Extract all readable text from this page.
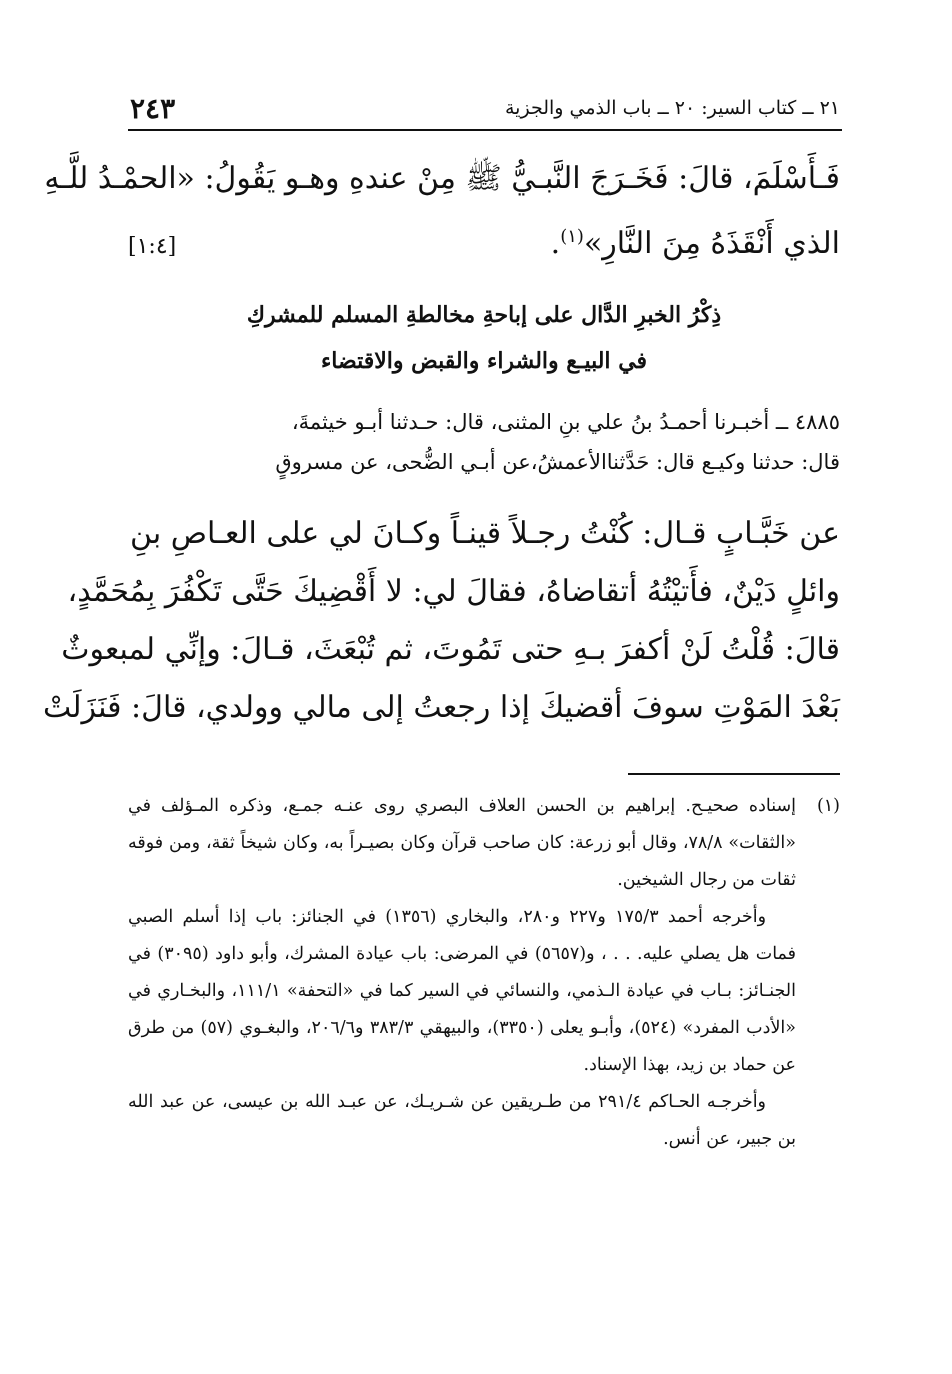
٢١ ــ كتاب السير: ٢٠ ــ باب الذمي والجزية
٢٤٣
فَـأَسْلَمَ، قالَ: فَخَـرَجَ النَّبـيُّ ﷺ مِنْ عندهِ وهـو يَقُولُ: «الحمْـدُ للَّـهِ
الذي أَنْقَذَهُ مِنَ النَّارِ»$^{(١)}$.
[١:٤]
ذِكْرُ الخبرِ الدَّال على إباحةِ مخالطةِ المسلم للمشركِ
في البيـع والشراء والقبض والاقتضاء
٤٨٨٥ ــ أخبـرنا أحمـدُ بنُ علي بنِ المثنى، قال: حـدثنا أبـو خيثمةَ،
قال: حدثنا وكيـع قال: حَدَّثناالأعمشُ،عن أبـي الضُّحى، عن مسروقٍ
عن خَبَّـابٍ قـال: كُنْتُ رجـلاً قينـاً وكـانَ لي على العـاصِ بنِ
وائلٍ دَيْنٌ، فأَتيْتُهُ أتقاضاهُ، فقالَ لي: لا أَقْضِيكَ حَتَّى تَكْفُرَ بِمُحَمَّدٍ،
قالَ: قُلْتُ لَنْ أكفرَ بـهِ حتى تَمُوتَ، ثم تُبْعَثَ، قـالَ: وإنِّي لمبعوثٌ
بَعْدَ المَوْتِ سوفَ أقضيكَ إذا رجعتُ إلى مالي وولدي، قالَ: فَنَزَلَتْ
(١)

إسناده صحيـح. إبراهيم بن الحسن العلاف البصري روى عنـه جمـع، وذكره المـؤلف في «الثقات» ٧٨/٨، وقال أبو زرعة: كان صاحب قرآن وكان بصيـراً به، وكان شيخاً ثقة، ومن فوقه ثقات من رجال الشيخين.

وأخرجه أحمد ١٧٥/٣ و٢٢٧ و٢٨٠، والبخاري (١٣٥٦) في الجنائز: باب إذا أسلم الصبي فمات هل يصلي عليه. . . ، و(٥٦٥٧) في المرضى: باب عيادة المشرك، وأبو داود (٣٠٩٥) في الجنـائز: بـاب في عيادة الـذمي، والنسائي في السير كما في «التحفة» ١١١/١، والبخـاري في «الأدب المفرد» (٥٢٤)، وأبـو يعلى (٣٣٥٠)، والبيهقي ٣٨٣/٣ و٢٠٦/٦، والبغـوي (٥٧) من طرق عن حماد بن زيد، بهذا الإسناد.

وأخرجـه الحـاكم ٢٩١/٤ من طـريقين عن شـريـك، عن عبـد الله بن عيسى، عن عبد الله بن جبير، عن أنس.
